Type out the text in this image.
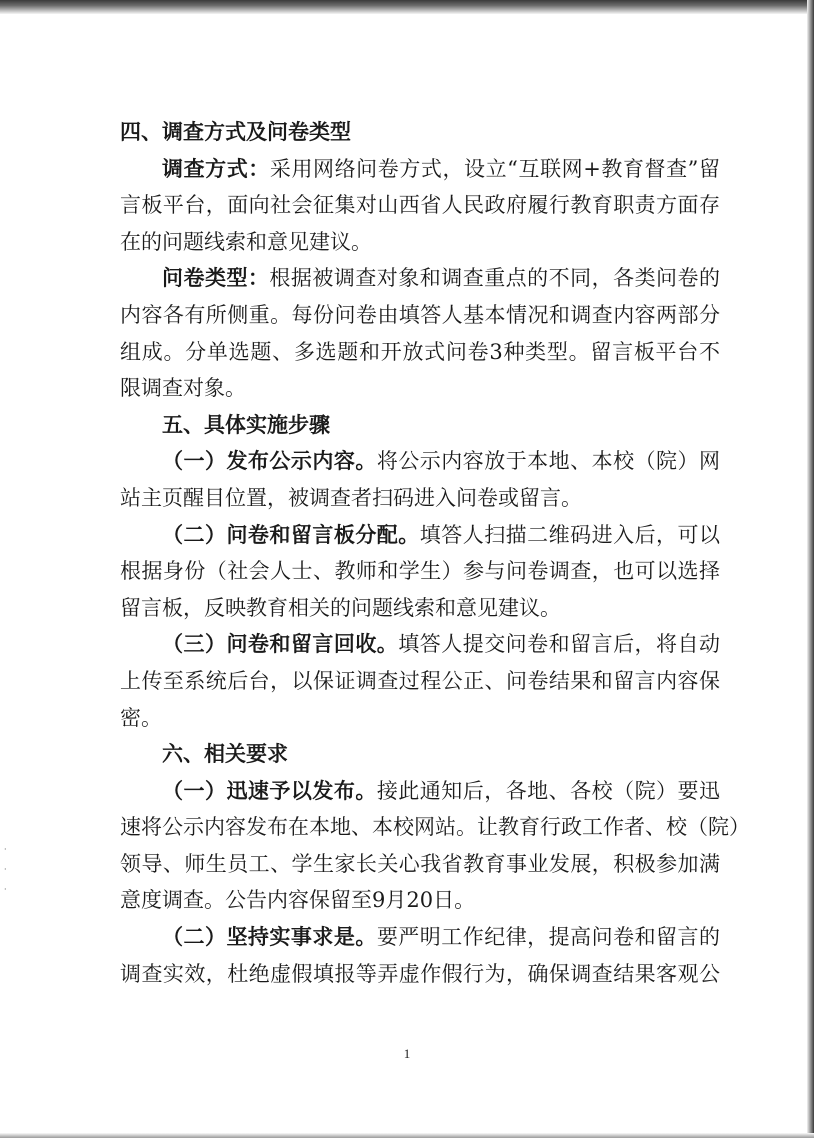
·

·

·
四、调查方式及问卷类型
调查方式：采用网络问卷方式，设立“互联网+教育督查”留
言板平台，面向社会征集对山西省人民政府履行教育职责方面存
在的问题线索和意见建议。
问卷类型：根据被调查对象和调查重点的不同，各类问卷的
内容各有所侧重。每份问卷由填答人基本情况和调查内容两部分
组成。分单选题、多选题和开放式问卷3种类型。留言板平台不
限调查对象。
五、具体实施步骤
（一）发布公示内容。将公示内容放于本地、本校（院）网
站主页醒目位置，被调查者扫码进入问卷或留言。
（二）问卷和留言板分配。填答人扫描二维码进入后，可以
根据身份（社会人士、教师和学生）参与问卷调查，也可以选择
留言板，反映教育相关的问题线索和意见建议。
（三）问卷和留言回收。填答人提交问卷和留言后，将自动
上传至系统后台，以保证调查过程公正、问卷结果和留言内容保
密。
六、相关要求
（一）迅速予以发布。接此通知后，各地、各校（院）要迅
速将公示内容发布在本地、本校网站。让教育行政工作者、校（院）
领导、师生员工、学生家长关心我省教育事业发展，积极参加满
意度调查。公告内容保留至9月20日。
（二）坚持实事求是。要严明工作纪律，提高问卷和留言的
调查实效，杜绝虚假填报等弄虚作假行为，确保调查结果客观公
1
